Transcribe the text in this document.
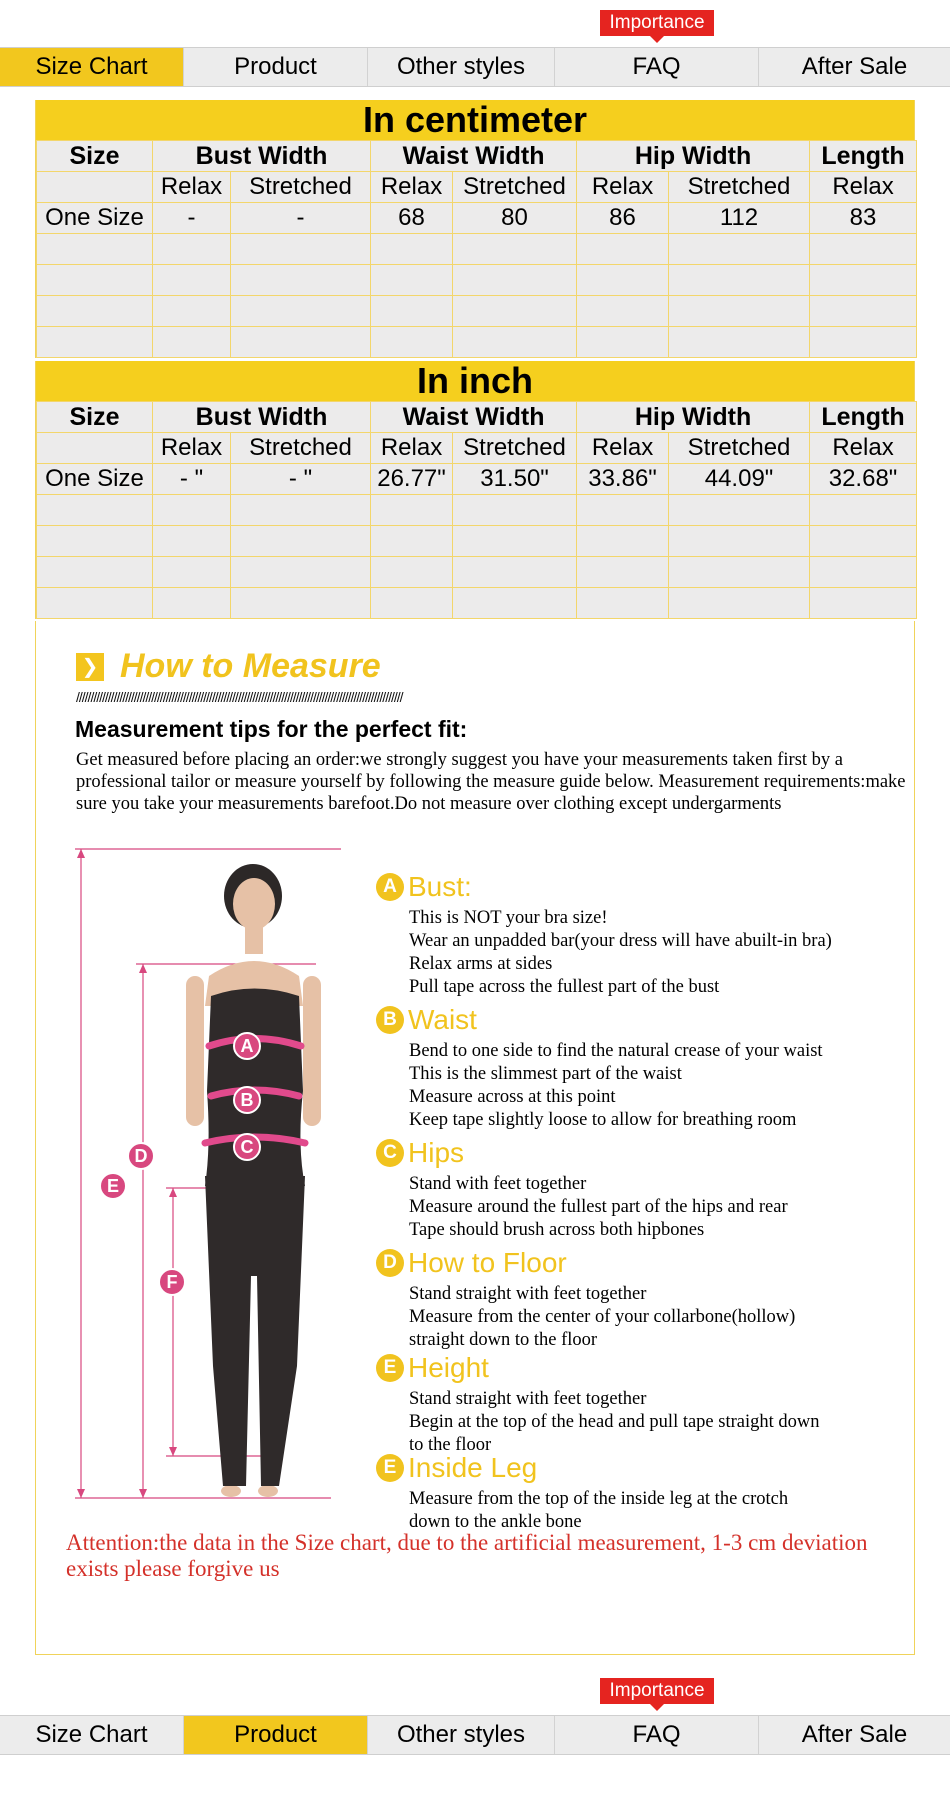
Importance
Size Chart	Product	Other styles	FAQ	After Sale
In centimeter
Size	Bust Width		Waist Width		Hip Width		Length
	Relax	Stretched	Relax	Stretched	Relax	Stretched	Relax
One Size	-	-	68	80	86	112	83

In inch
Size	Bust Width		Waist Width		Hip Width		Length
	Relax	Stretched	Relax	Stretched	Relax	Stretched	Relax
One Size	- "	- "	26.77"	31.50"	33.86"	44.09"	32.68"

❯ How to Measure
/////////////////////////////////////////////////////////////////////////////////////////////////////////////////
Measurement tips for the perfect fit:
Get measured before placing an order:we strongly suggest you have your measurements taken first by a professional tailor or measure yourself by following the measure guide below. Measurement requirements:make sure you take your measurements barefoot.Do not measure over clothing except undergarments
A
B
C
D
E
F
A Bust:
This is NOT your bra size!
Wear an unpadded bar(your dress will have abuilt-in bra)
Relax arms at sides
Pull tape across the fullest part of the bust
B Waist
Bend to one side to find the natural crease of your waist
This is the slimmest part of the waist
Measure across at this point
Keep tape slightly loose to allow for breathing room
C Hips
Stand with feet together
Measure around the fullest part of the hips and rear
Tape should brush across both hipbones
D How to Floor
Stand straight with feet together
Measure from the center of your collarbone(hollow)
straight down to the floor
E Height
Stand straight with feet together
Begin at the top of the head and pull tape straight down
to the floor
E Inside Leg
Measure from the top of the inside leg at the crotch
down to the ankle bone
Attention:the data in the Size chart, due to the artificial measurement, 1-3 cm deviation exists please forgive us
Importance
Size Chart	Product	Other styles	FAQ	After Sale
